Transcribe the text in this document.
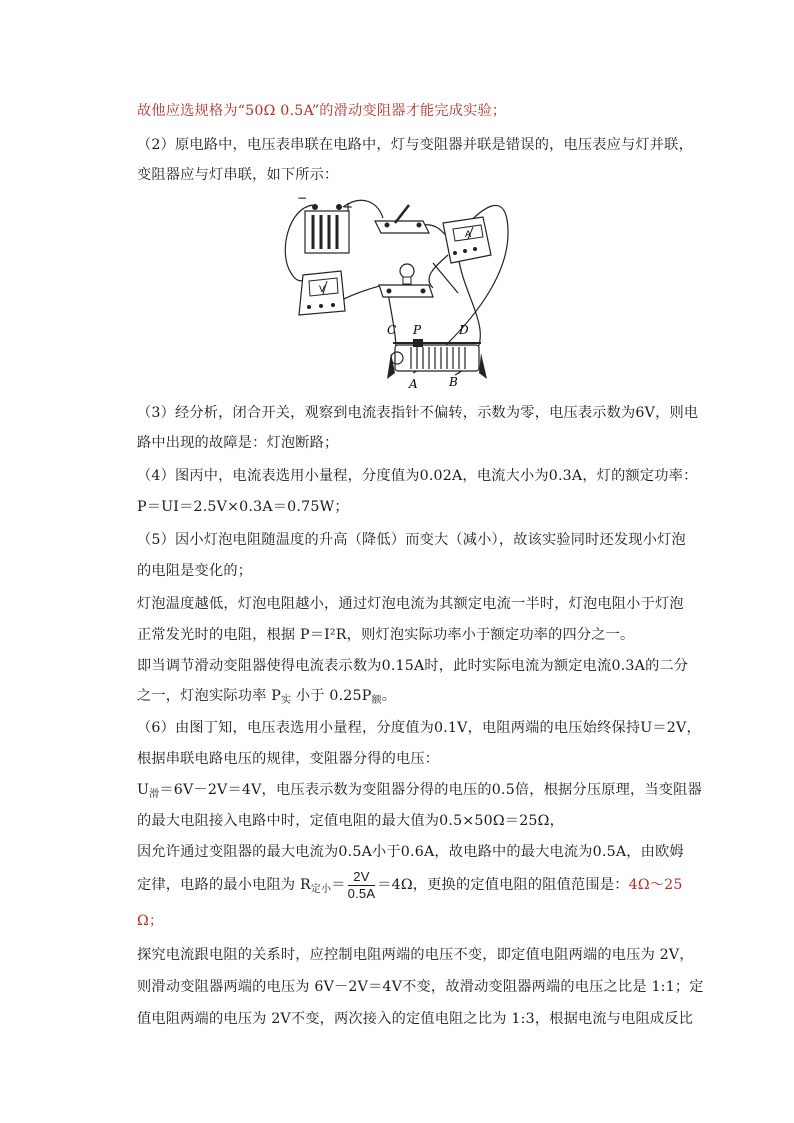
故他应选规格为“50Ω 0.5A”的滑动变阻器才能完成实验；
（2）原电路中，电压表串联在电路中，灯与变阻器并联是错误的，电压表应与灯并联，
变阻器应与灯串联，如下所示：
−
+
A
V
C P	D
A	B
（3）经分析，闭合开关，观察到电流表指针不偏转，示数为零，电压表示数为6V，则电
路中出现的故障是：灯泡断路；
（4）图丙中，电流表选用小量程，分度值为0.02A，电流大小为0.3A，灯的额定功率：
P＝UI＝2.5V×0.3A＝0.75W；
（5）因小灯泡电阻随温度的升高（降低）而变大（减小），故该实验同时还发现小灯泡
的电阻是变化的；
灯泡温度越低，灯泡电阻越小，通过灯泡电流为其额定电流一半时，灯泡电阻小于灯泡
正常发光时的电阻，根据 P＝I²R，则灯泡实际功率小于额定功率的四分之一。
即当调节滑动变阻器使得电流表示数为0.15A时，此时实际电流为额定电流0.3A的二分
之一，灯泡实际功率 $P_实$ 小于 $0.25P_额$。
（6）由图丁知，电压表选用小量程，分度值为0.1V，电阻两端的电压始终保持U＝2V，
根据串联电路电压的规律，变阻器分得的电压：
$U_滑=6V-2V=4V$，电压表示数为变阻器分得的电压的0.5倍，根据分压原理，当变阻器
的最大电阻接入电路中时，定值电阻的最大值为0.5×50Ω＝25Ω，
因允许通过变阻器的最大电流为0.5A小于0.6A，故电路中的最大电流为0.5A，由欧姆
定律，电路的最小电阻为 $R_{定小}= \frac{2V}{0.5A} =4\Omega$，更换的定值电阻的阻值范围是：4Ω～25
Ω；
探究电流跟电阻的关系时，应控制电阻两端的电压不变，即定值电阻两端的电压为 2V，
则滑动变阻器两端的电压为 6V－2V＝4V不变，故滑动变阻器两端的电压之比是 1:1；定
值电阻两端的电压为 2V不变，两次接入的定值电阻之比为 1:3，根据电流与电阻成反比
